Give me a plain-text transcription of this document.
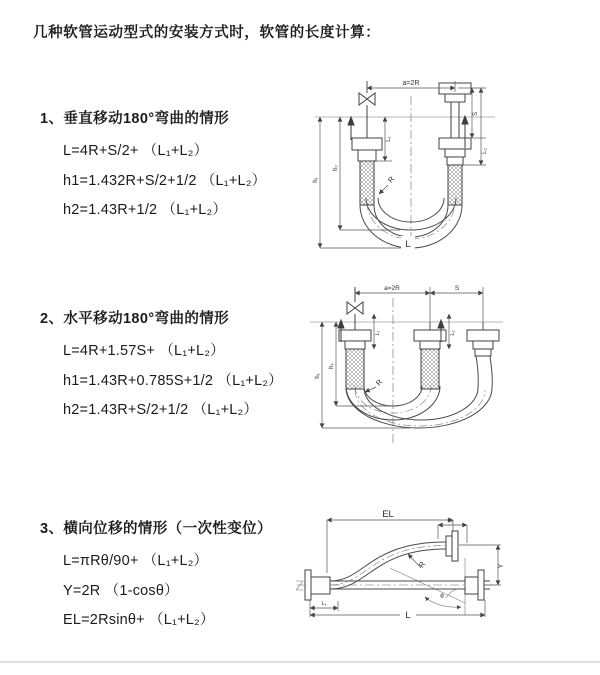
几种软管运动型式的安装方式时，软管的长度计算：
1、垂直移动180°弯曲的情形
L=4R+S/2+ （L₁+L₂）
h1=1.432R+S/2+1/2 （L₁+L₂）
h2=1.43R+1/2 （L₁+L₂）
a=2R
L₁
S
L₂
h₁
h₂
R
L
2、水平移动180°弯曲的情形
L=4R+1.57S+ （L₁+L₂）
h1=1.43R+0.785S+1/2 （L₁+L₂）
h2=1.43R+S/2+1/2 （L₁+L₂）
a=2R	S
L₁	L₂
h₁
h₂
R
3、横向位移的情形（一次性变位）
L=πRθ/90+ （L₁+L₂）
Y=2R （1-cosθ）
EL=2Rsinθ+ （L₁+L₂）
EL
L₂
Y
R
θ
L₁
L
